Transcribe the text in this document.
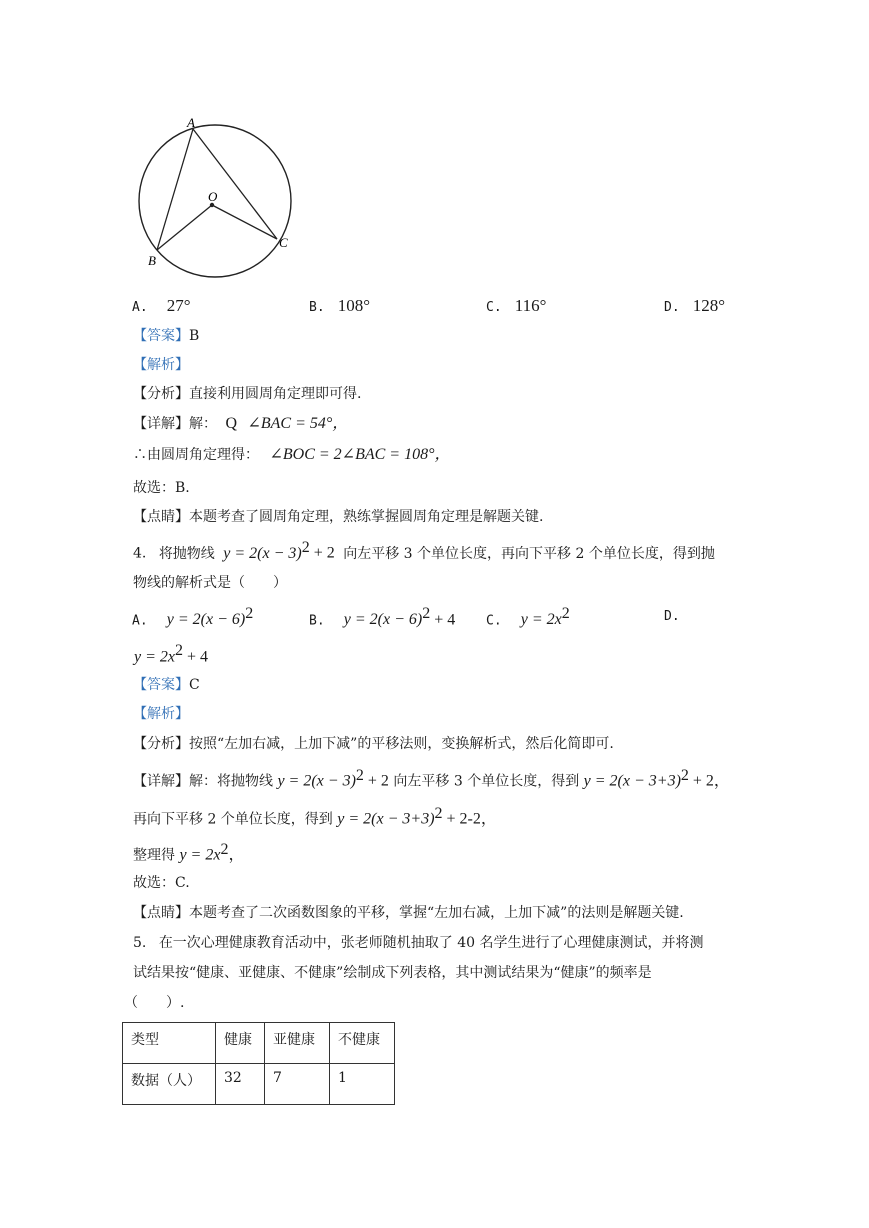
A
O
B
C
A. 27°	B. 108°	C. 116°	D. 128°
【答案】B
【解析】
【分析】直接利用圆周角定理即可得.
【详解】解： Q ∠BAC = 54°，
∴由圆周角定理得： ∠BOC = 2∠BAC = 108°，
故选：B.
【点睛】本题考查了圆周角定理，熟练掌握圆周角定理是解题关键.
4. 将抛物线 $y = 2(x - 3)^2 + 2$ 向左平移 3 个单位长度，再向下平移 2 个单位长度，得到抛
物线的解析式是（　　）
A. $y = 2(x - 6)^2$	B. $y = 2(x - 6)^2 + 4$ C. $y = 2x^2$	D.
$y = 2x^2 + 4$
【答案】C
【解析】
【分析】按照“左加右减，上加下减”的平移法则，变换解析式，然后化简即可.
【详解】解：将抛物线 $y = 2(x - 3)^2 + 2$ 向左平移 3 个单位长度，得到 $y = 2(x - 3+3)^2 + 2$，
再向下平移 2 个单位长度，得到 $y = 2(x - 3+3)^2 + 2-2$，
整理得 $y = 2x^2$，
故选：C.
【点睛】本题考查了二次函数图象的平移，掌握“左加右减，上加下减”的法则是解题关键.
5. 在一次心理健康教育活动中，张老师随机抽取了 40 名学生进行了心理健康测试，并将测
试结果按“健康、亚健康、不健康”绘制成下列表格，其中测试结果为“健康”的频率是
（　　）.
类型	健康	亚健康	不健康
数据（人）	32	7	1
